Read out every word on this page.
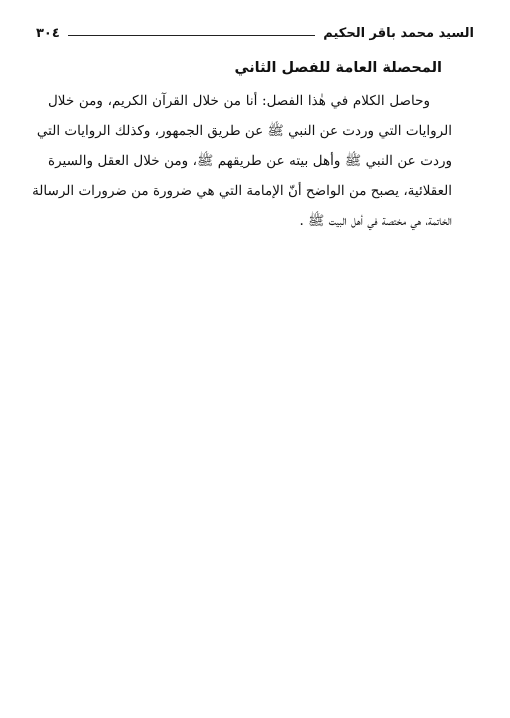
السيد محمد باقر الحكيم
٣٠٤
المحصلة العامة للفصل الثاني
وحاصل الكلام في هٰذا الفصل: أنا من خلال القرآن الكريم، ومن خلال
الروايات التي وردت عن النبي ﷺ عن طريق الجمهور، وكذلك الروايات التي
وردت عن النبي ﷺ وأهل بيته عن طريقهم ﷺ، ومن خلال العقل والسيرة
العقلائية، يصبح من الواضح أنّ الإمامة التي هي ضرورة من ضرورات الرسالة
الخاتمة، هي مختصة في أهل البيت ﷺ .
